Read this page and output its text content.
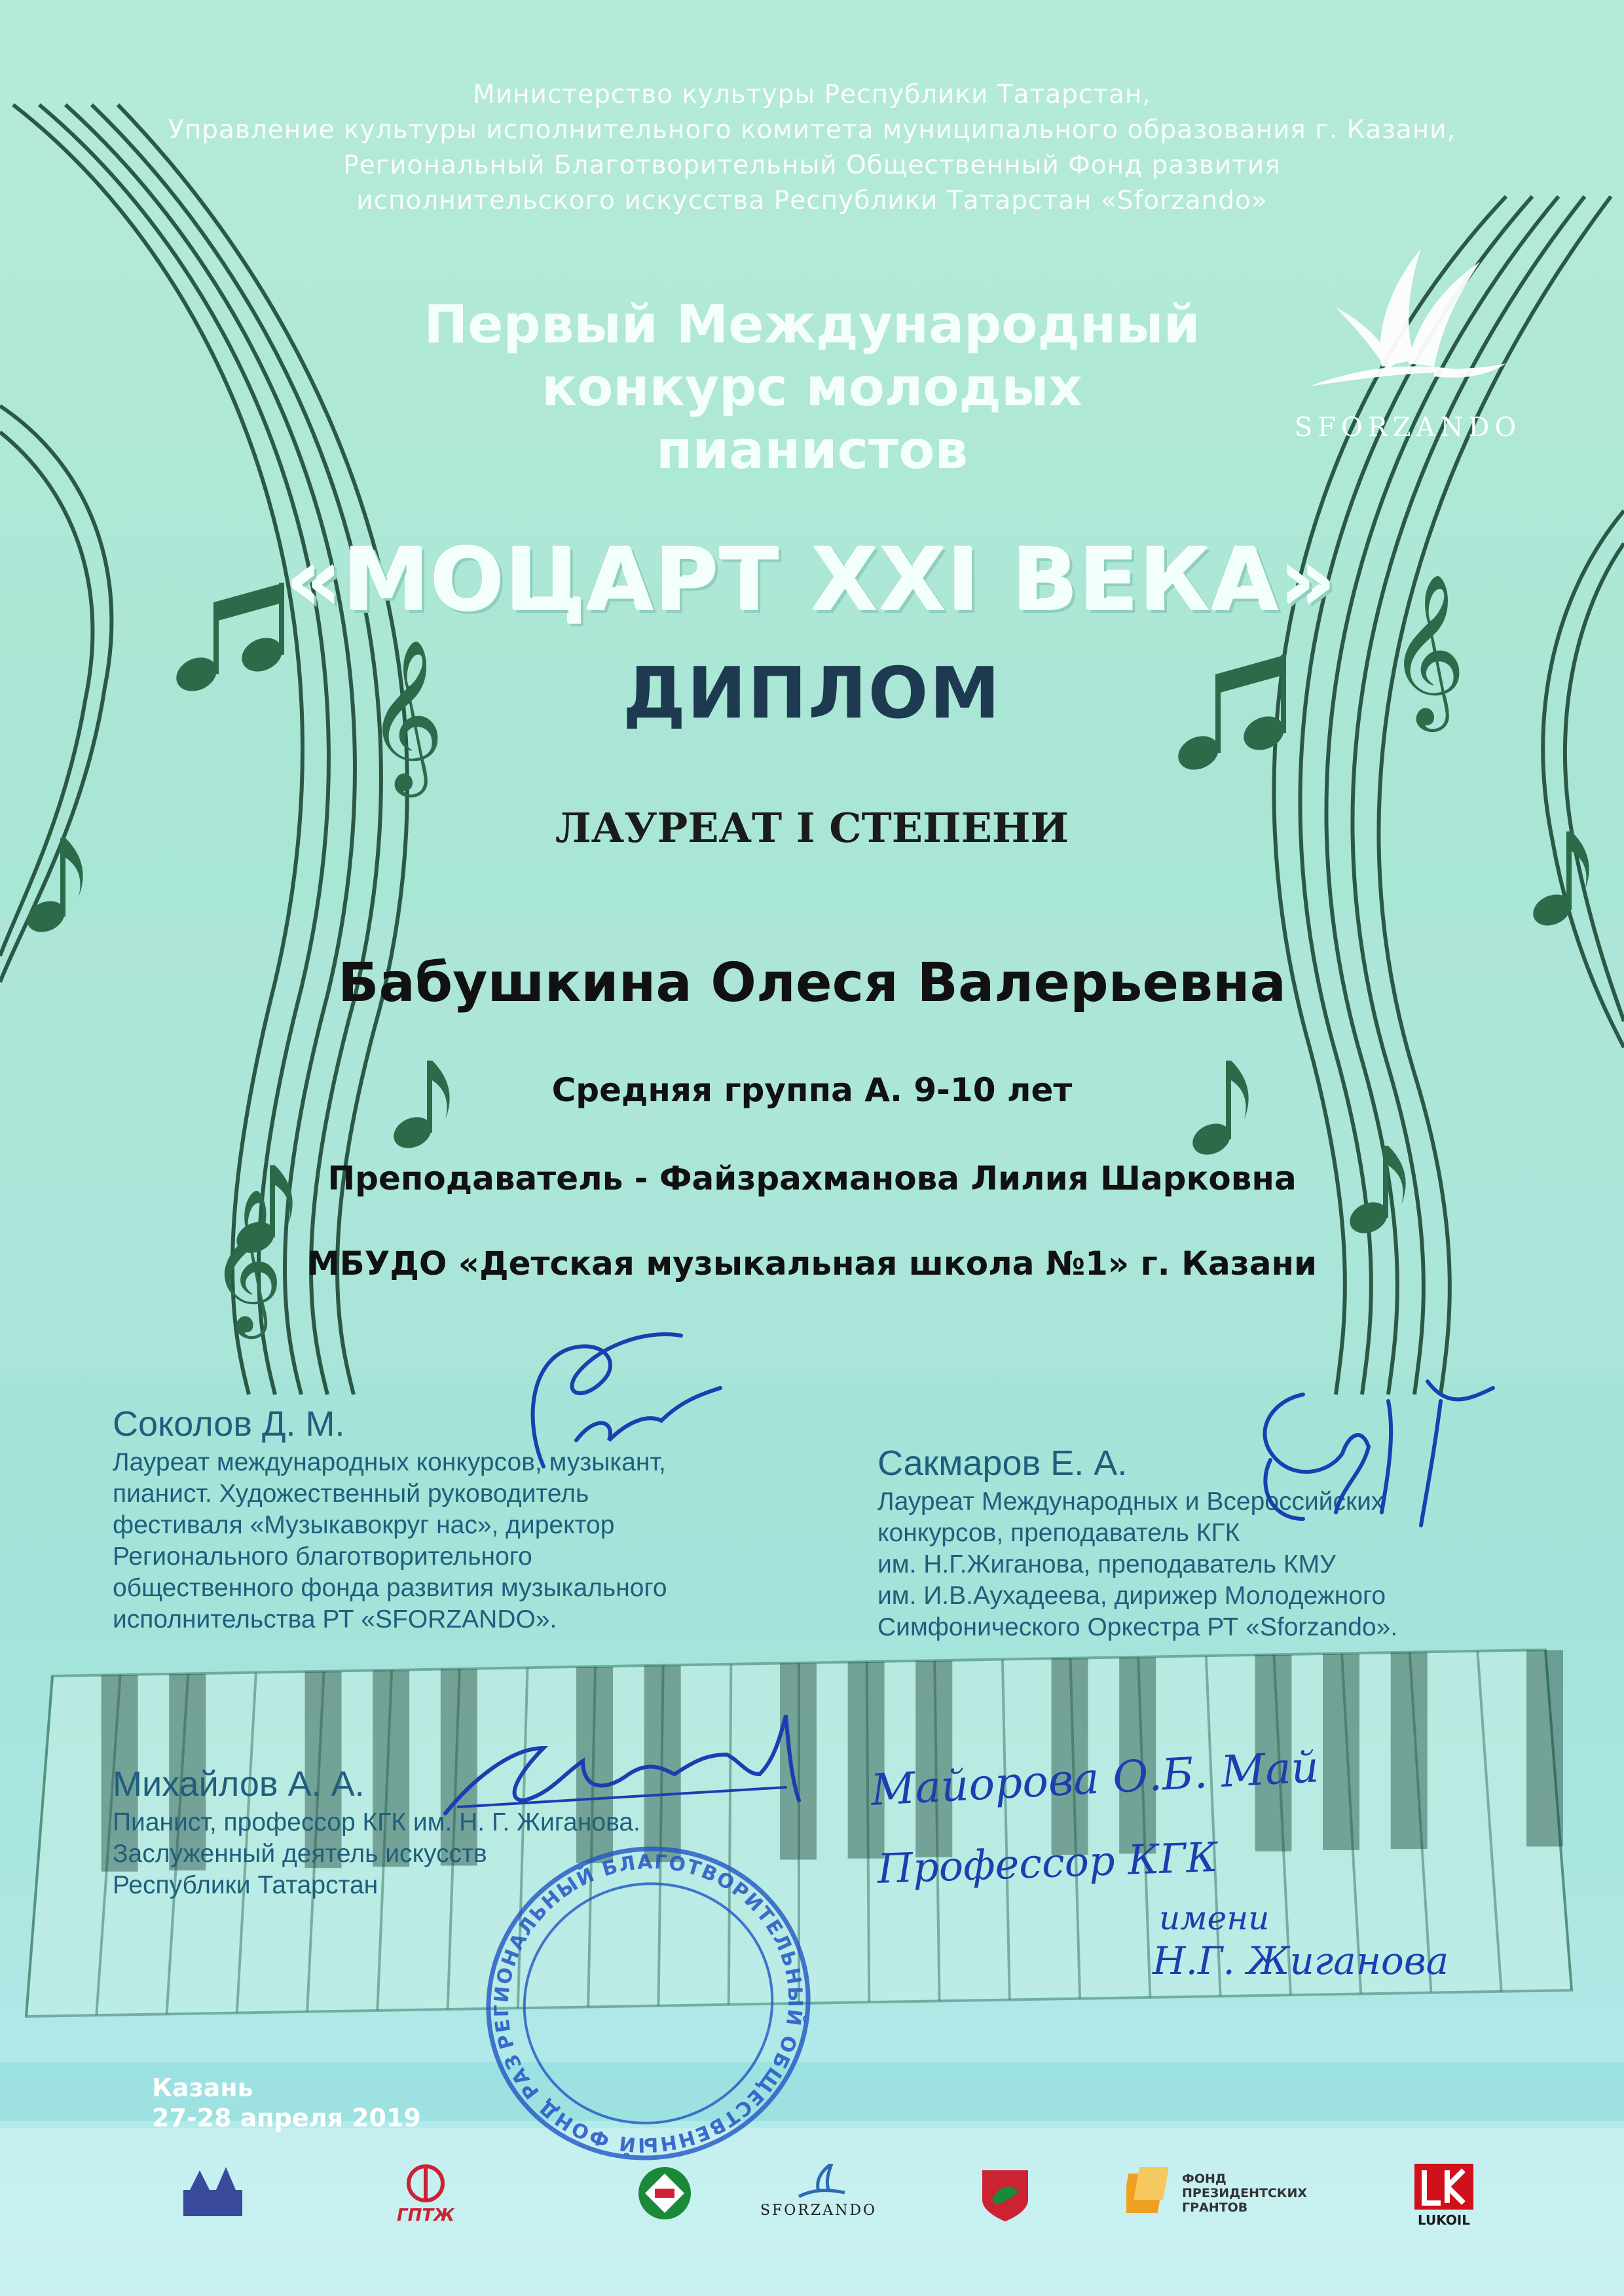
𝄞	𝄞
𝄞
Министерство культуры Республики Татарстан,
Управление культуры исполнительного комитета муниципального образования г. Казани,
Региональный Благотворительный Общественный Фонд развития
исполнительского искусства Республики Татарстан «Sforzando»
SFORZANDO
Первый Международный
конкурс молодых
пианистов
«МОЦАРТ XXI ВЕКА»
ДИПЛОМ
ЛАУРЕАТ I СТЕПЕНИ
Бабушкина Олеся Валерьевна
Средняя группа А. 9-10 лет
Преподаватель - Файзрахманова Лилия Шарковна
МБУДО «Детская музыкальная школа №1» г. Казани
Соколов Д. М.
Лауреат международных конкурсов, музыкант,
пианист. Художественный руководитель
фестиваля «Музыкавокруг нас», директор
Регионального благотворительного
общественного фонда развития музыкального
исполнительства РТ «SFORZANDO».
Сакмаров Е. А.
Лауреат Международных и Всероссийских
конкурсов, преподаватель КГК
им. Н.Г.Жиганова, преподаватель КМУ
им. И.В.Аухадеева, дирижер Молодежного
Симфонического Оркестра РТ «Sforzando».
Михайлов А. А.
Пианист, профессор КГК им. Н. Г. Жиганова.
Заслуженный деятель искусств
Республики Татарстан
Майорова О.Б. Май
Профессор КГК
имени
Н.Г. Жиганова
РЕГИОНАЛЬНЫЙ БЛАГОТВОРИТЕЛЬНЫЙ ОБЩЕСТВЕННЫЙ ФОНД РАЗВИТИЯ
Казань
27-28 апреля 2019
ГПТЖ	SFORZANDO
ФОНД
ПРЕЗИДЕНТСКИХ
ГРАНТОВ
LUKOIL
